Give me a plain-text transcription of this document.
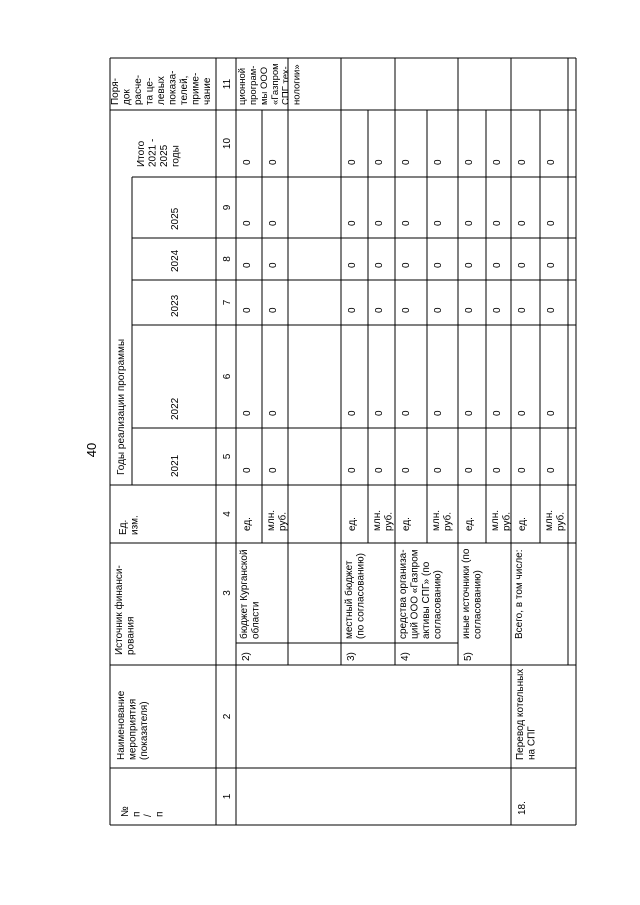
40
№п/п
Наименованиемероприятия(показателя)
Источник финанси-рования
Ед.изм.
Годы реализации программы	2021
2022
2023
2024
2025
Итого2021 -2025годы
Поря-докрасче-та це-левыхпоказа-телей,приме-чание
1
2
3
4
5
6
7
8
9
10
11 ционнойпрограм-мы ООО«ГазпромСПГ тех-нологии»
2)
бюджет Курганскойобласти
ед. млн.руб.
0
0
0
0
0
0
0
0
0
0
0
0
3)
местный бюджет(по согласованию)
ед. млн.руб.
0
0
0
0
0
0
0
0
0
0
0
0
4)
средства организа-ций ООО «Газпромактивы СПГ» (посогласованию)
ед. млн.руб.
0
0
0
0
0
0
0
0
0
0
0
0
5)
иные источники (посогласованию)
ед. млн.руб.
0
0
0
0
0
0
0
0
0
0
0
0
18.
Перевод котельныхна СПГ
Всего, в том числе:
ед. млн.руб.
0
0
0
0
0
0
0
0
0
0
0
0
